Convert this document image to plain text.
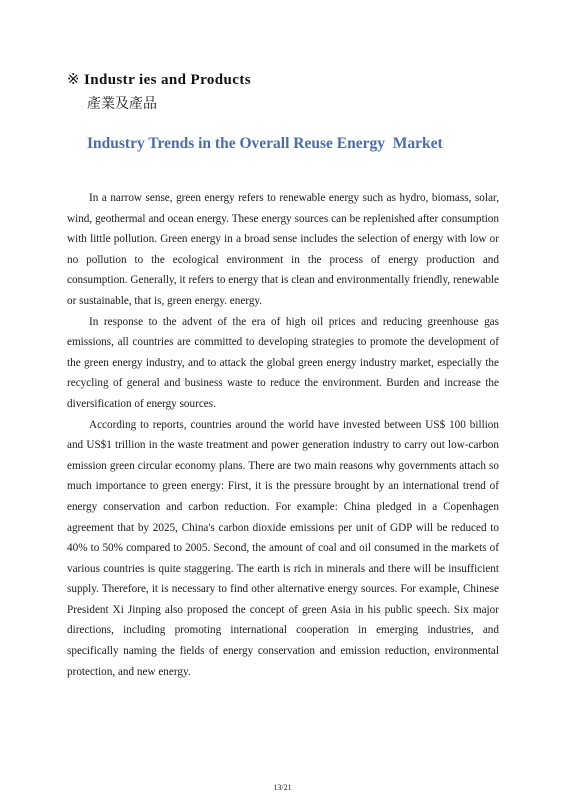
※ Industr ies and Products
產業及產品
Industry Trends in the Overall Reuse Energy  Market

In a narrow sense, green energy refers to renewable energy such as hydro, biomass, solar, wind, geothermal and ocean energy. These energy sources can be replenished after consumption with little pollution. Green energy in a broad sense includes the selection of energy with low or no pollution to the ecological environment in the process of energy production and consumption. Generally, it refers to energy that is clean and environmentally friendly, renewable or sustainable, that is, green energy. energy.

In response to the advent of the era of high oil prices and reducing greenhouse gas emissions, all countries are committed to developing strategies to promote the development of the green energy industry, and to attack the global green energy industry market, especially the recycling of general and business waste to reduce the environment. Burden and increase the diversification of energy sources.

According to reports, countries around the world have invested between US$ 100 billion and US$1 trillion in the waste treatment and power generation industry to carry out low-carbon emission green circular economy plans. There are two main reasons why governments attach so much importance to green energy: First, it is the pressure brought by an international trend of energy conservation and carbon reduction. For example: China pledged in a Copenhagen agreement that by 2025, China's carbon dioxide emissions per unit of GDP will be reduced to 40% to 50% compared to 2005. Second, the amount of coal and oil consumed in the markets of various countries is quite staggering. The earth is rich in minerals and there will be insufficient supply. Therefore, it is necessary to find other alternative energy sources. For example, Chinese President Xi Jinping also proposed the concept of green Asia in his public speech. Six major directions, including promoting international cooperation in emerging industries, and specifically naming the fields of energy conservation and emission reduction, environmental protection, and new energy.

13/21
